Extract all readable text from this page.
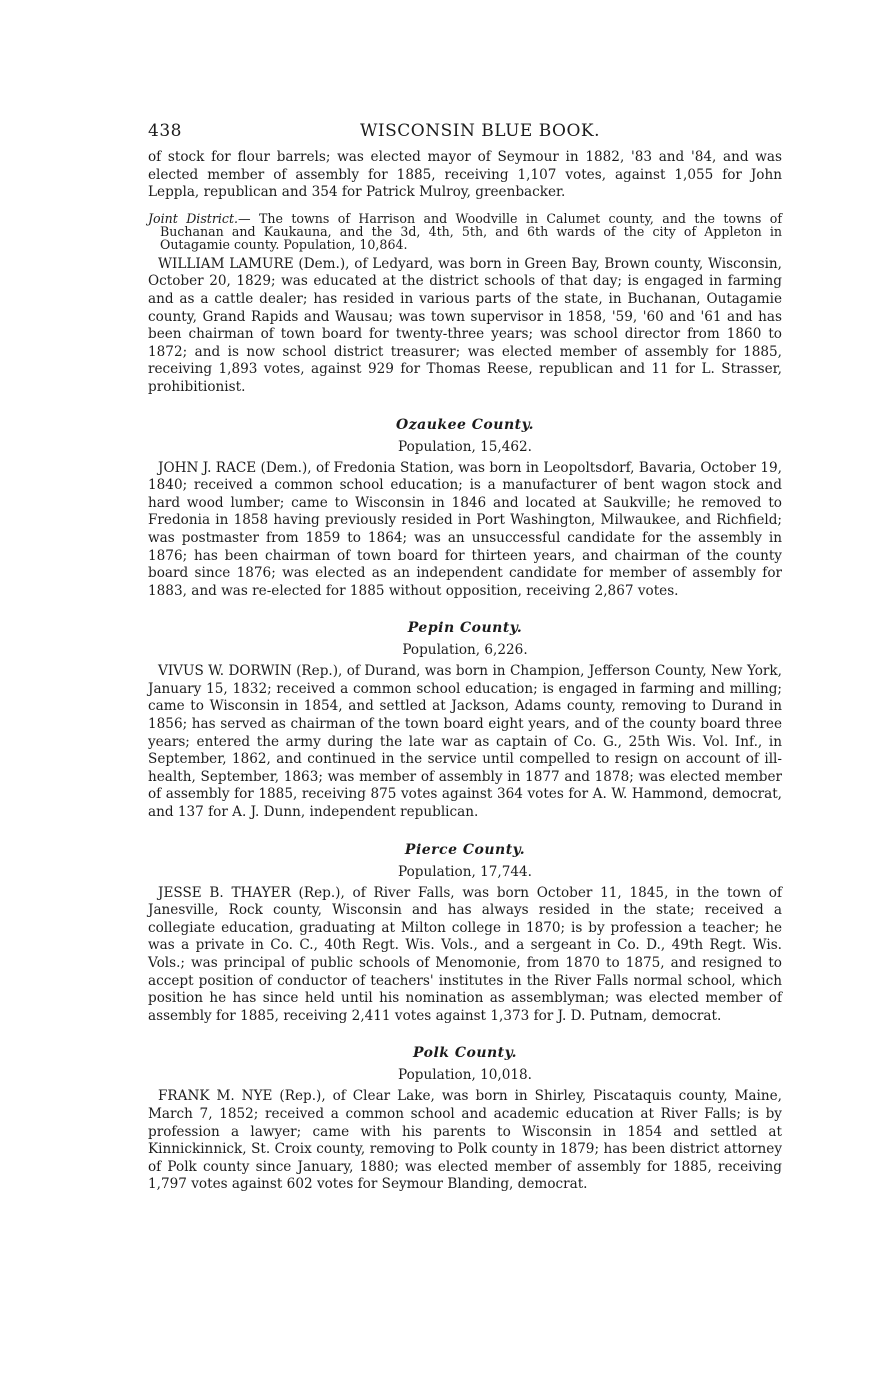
438	WISCONSIN BLUE BOOK.

of stock for flour barrels; was elected mayor of Seymour in 1882, '83 and '84, and was elected member of assembly for 1885, receiving 1,107 votes, against 1,055 for John Leppla, republican and 354 for Patrick Mulroy, greenbacker.

Joint District.— The towns of Harrison and Woodville in Calumet county, and the towns of Buchanan and Kaukauna, and the 3d, 4th, 5th, and 6th wards of the city of Appleton in Outagamie county. Population, 10,864.

WILLIAM LAMURE (Dem.), of Ledyard, was born in Green Bay, Brown county, Wisconsin, October 20, 1829; was educated at the district schools of that day; is engaged in farming and as a cattle dealer; has resided in various parts of the state, in Buchanan, Outagamie county, Grand Rapids and Wausau; was town supervisor in 1858, '59, '60 and '61 and has been chairman of town board for twenty-three years; was school director from 1860 to 1872; and is now school district treasurer; was elected member of assembly for 1885, receiving 1,893 votes, against 929 for Thomas Reese, republican and 11 for L. Strasser, prohibitionist.

Ozaukee County.
Population, 15,462.

JOHN J. RACE (Dem.), of Fredonia Station, was born in Leopoltsdorf, Bavaria, October 19, 1840; received a common school education; is a manufacturer of bent wagon stock and hard wood lumber; came to Wisconsin in 1846 and located at Saukville; he removed to Fredonia in 1858 having previously resided in Port Washington, Milwaukee, and Richfield; was postmaster from 1859 to 1864; was an unsuccessful candidate for the assembly in 1876; has been chairman of town board for thirteen years, and chairman of the county board since 1876; was elected as an independent candidate for member of assembly for 1883, and was re-elected for 1885 without opposition, receiving 2,867 votes.

Pepin County.
Population, 6,226.

VIVUS W. DORWIN (Rep.), of Durand, was born in Champion, Jefferson County, New York, January 15, 1832; received a common school education; is engaged in farming and milling; came to Wisconsin in 1854, and settled at Jackson, Adams county, removing to Durand in 1856; has served as chairman of the town board eight years, and of the county board three years; entered the army during the late war as captain of Co. G., 25th Wis. Vol. Inf., in September, 1862, and continued in the service until compelled to resign on account of ill-health, September, 1863; was member of assembly in 1877 and 1878; was elected member of assembly for 1885, receiving 875 votes against 364 votes for A. W. Hammond, democrat, and 137 for A. J. Dunn, independent republican.

Pierce County.
Population, 17,744.

JESSE B. THAYER (Rep.), of River Falls, was born October 11, 1845, in the town of Janesville, Rock county, Wisconsin and has always resided in the state; received a collegiate education, graduating at Milton college in 1870; is by profession a teacher; he was a private in Co. C., 40th Regt. Wis. Vols., and a sergeant in Co. D., 49th Regt. Wis. Vols.; was principal of public schools of Menomonie, from 1870 to 1875, and resigned to accept position of conductor of teachers' institutes in the River Falls normal school, which position he has since held until his nomination as assemblyman; was elected member of assembly for 1885, receiving 2,411 votes against 1,373 for J. D. Putnam, democrat.

Polk County.
Population, 10,018.

FRANK M. NYE (Rep.), of Clear Lake, was born in Shirley, Piscataquis county, Maine, March 7, 1852; received a common school and academic education at River Falls; is by profession a lawyer; came with his parents to Wisconsin in 1854 and settled at Kinnickinnick, St. Croix county, removing to Polk county in 1879; has been district attorney of Polk county since January, 1880; was elected member of assembly for 1885, receiving 1,797 votes against 602 votes for Seymour Blanding, democrat.
